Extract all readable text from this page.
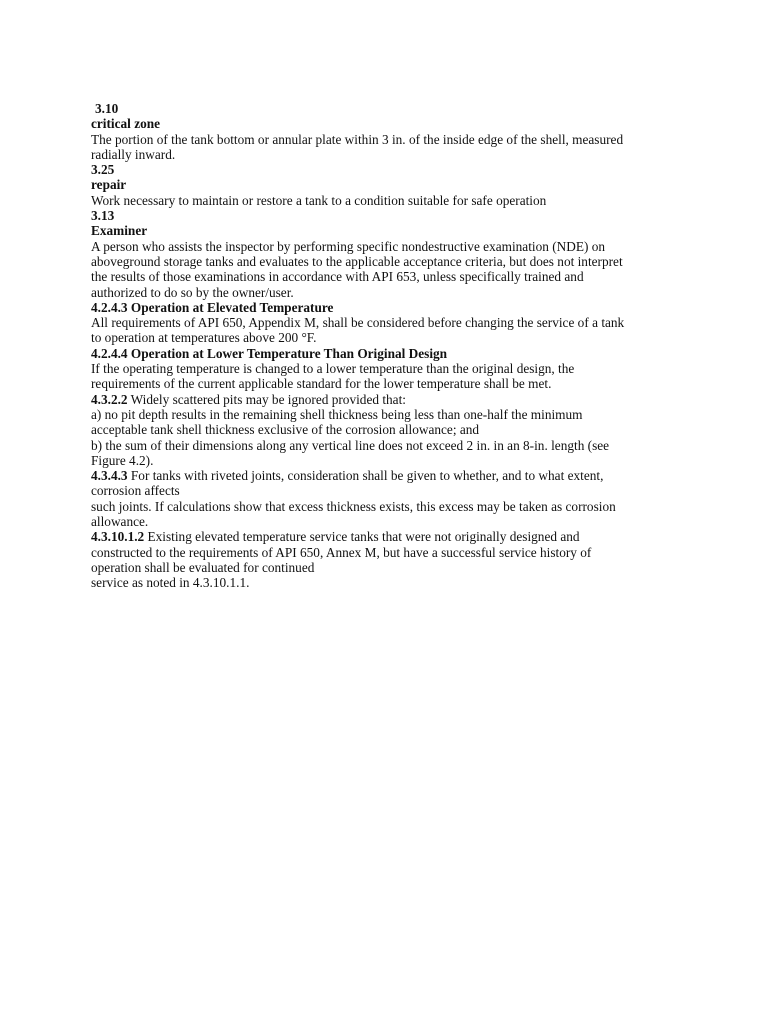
3.10
critical zone
The portion of the tank bottom or annular plate within 3 in. of the inside edge of the shell, measured
radially inward.
3.25
repair
Work necessary to maintain or restore a tank to a condition suitable for safe operation
3.13
Examiner
A person who assists the inspector by performing specific nondestructive examination (NDE) on
aboveground storage tanks and evaluates to the applicable acceptance criteria, but does not interpret
the results of those examinations in accordance with API 653, unless specifically trained and
authorized to do so by the owner/user.
4.2.4.3 Operation at Elevated Temperature
All requirements of API 650, Appendix M, shall be considered before changing the service of a tank
to operation at temperatures above 200 °F.
4.2.4.4 Operation at Lower Temperature Than Original Design
If the operating temperature is changed to a lower temperature than the original design, the
requirements of the current applicable standard for the lower temperature shall be met.
4.3.2.2 Widely scattered pits may be ignored provided that:
a) no pit depth results in the remaining shell thickness being less than one-half the minimum
acceptable tank shell thickness exclusive of the corrosion allowance; and
b) the sum of their dimensions along any vertical line does not exceed 2 in. in an 8-in. length (see
Figure 4.2).
4.3.4.3 For tanks with riveted joints, consideration shall be given to whether, and to what extent,
corrosion affects
such joints. If calculations show that excess thickness exists, this excess may be taken as corrosion
allowance.
4.3.10.1.2 Existing elevated temperature service tanks that were not originally designed and
constructed to the requirements of API 650, Annex M, but have a successful service history of
operation shall be evaluated for continued
service as noted in 4.3.10.1.1.
